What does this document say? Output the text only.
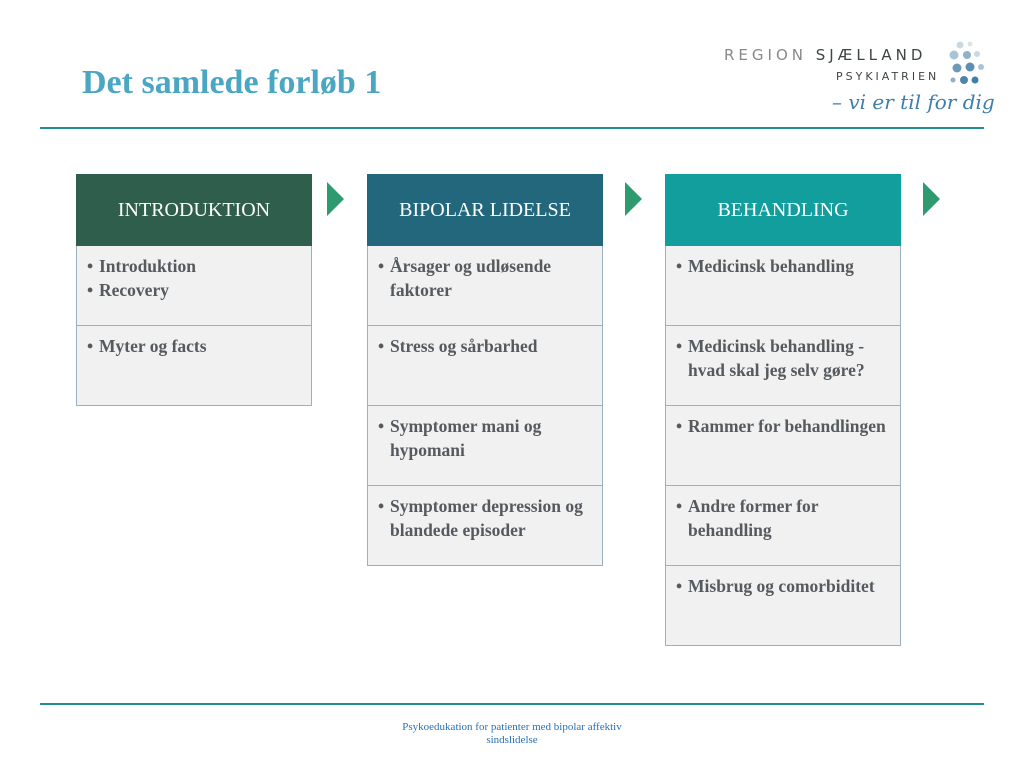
Det samlede forløb 1
REGION SJÆLLAND
PSYKIATRIEN
– vi er til for dig
INTRODUKTION
• Introduktion
• Recovery
• Myter og facts
BIPOLAR LIDELSE
• Årsager og udløsende faktorer
• Stress og sårbarhed
• Symptomer mani og hypomani
• Symptomer depression og blandede episoder
BEHANDLING
• Medicinsk behandling
• Medicinsk behandling - hvad skal jeg selv gøre?
• Rammer for behandlingen
• Andre former for behandling
• Misbrug og comorbiditet
Psykoedukation for patienter med bipolar affektiv
sindslidelse
